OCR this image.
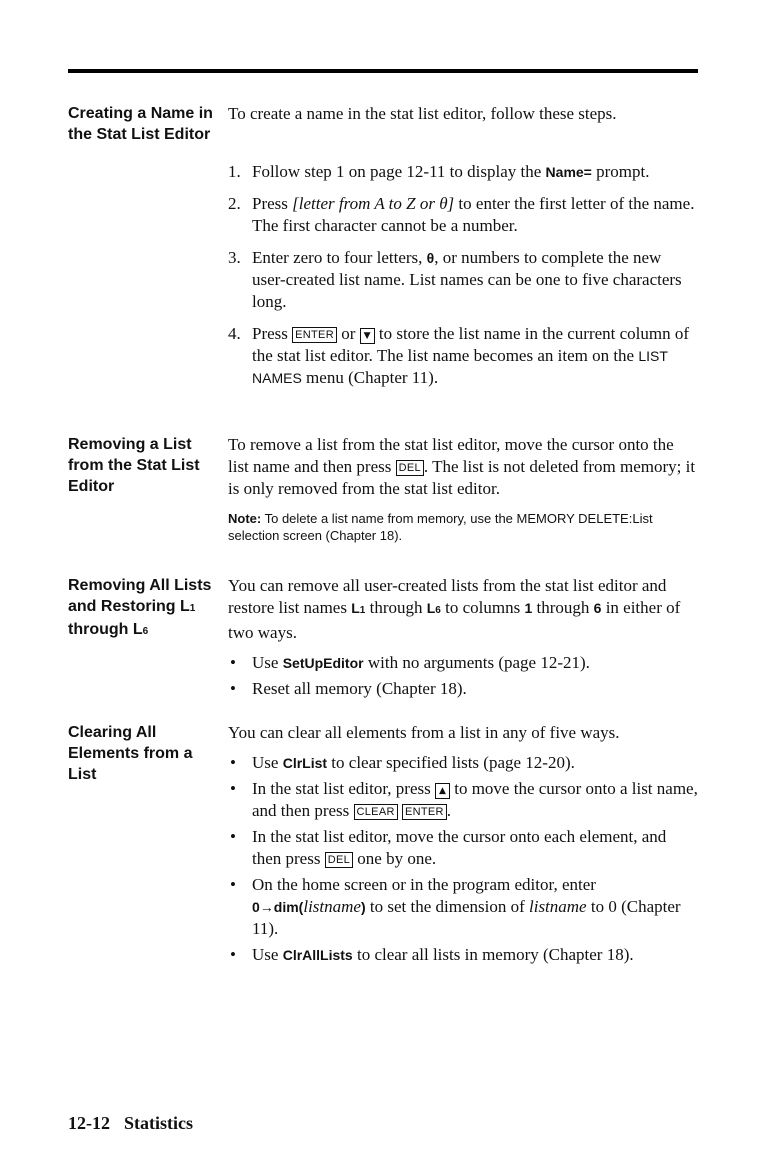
Creating a Name in the Stat List Editor

To create a name in the stat list editor, follow these steps.

1. Follow step 1 on page 12-11 to display the Name= prompt.
2. Press [letter from A to Z or θ] to enter the first letter of the name. The first character cannot be a number.
3. Enter zero to four letters, θ, or numbers to complete the new user-created list name. List names can be one to five characters long.
4. Press ENTER or ▼ to store the list name in the current column of the stat list editor. The list name becomes an item on the LIST NAMES menu (Chapter 11).
Removing a List from the Stat List Editor

To remove a list from the stat list editor, move the cursor onto the list name and then press DEL . The list is not deleted from memory; it is only removed from the stat list editor.

Note: To delete a list name from memory, use the MEMORY DELETE:List selection screen (Chapter 18).
Removing All Lists and Restoring L1 through L6

You can remove all user-created lists from the stat list editor and restore list names L1 through L6 to columns 1 through 6 in either of two ways.

• Use SetUpEditor with no arguments (page 12-21).
• Reset all memory (Chapter 18).
Clearing All Elements from a List

You can clear all elements from a list in any of five ways.

• Use ClrList to clear specified lists (page 12-20).
• In the stat list editor, press ▲ to move the cursor onto a list name, and then press CLEAR ENTER .
• In the stat list editor, move the cursor onto each element, and then press DEL one by one.
• On the home screen or in the program editor, enter 0→dim(listname) to set the dimension of listname to 0 (Chapter 11).
• Use ClrAllLists to clear all lists in memory (Chapter 18).
12-12 Statistics
